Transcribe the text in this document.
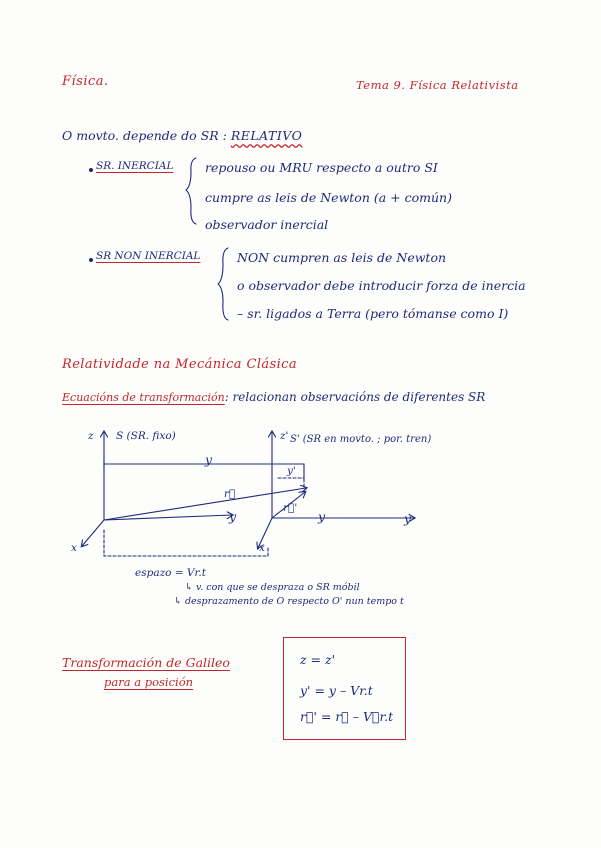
Física.	Tema 9. Física Relativista
O movto. depende do SR : RELATIVO
SR. INERCIAL	repouso ou MRU respecto a outro SI
cumpre as leis de Newton (a + común)
observador inercial
SR NON INERCIAL	NON cumpren as leis de Newton
o observador debe introducir forza de inercia
– sr. ligados a Terra (pero tómanse como I)
Relatividade na Mecánica Clásica
Ecuacións de transformación: relacionan observacións de diferentes SR
z S (SR. fixo)	z' S' (SR en movto. ; por. tren)
y
y'
r⃗
r⃗'
y	y	y
x	x
espazo = Vr.t
↳ v. con que se despraza o SR móbil
↳ desprazamento de O respecto O' nun tempo t
Transformación de Galileo
para a posición
z = z'
y' = y – Vr.t
r⃗' = r⃗ – V⃗r.t
